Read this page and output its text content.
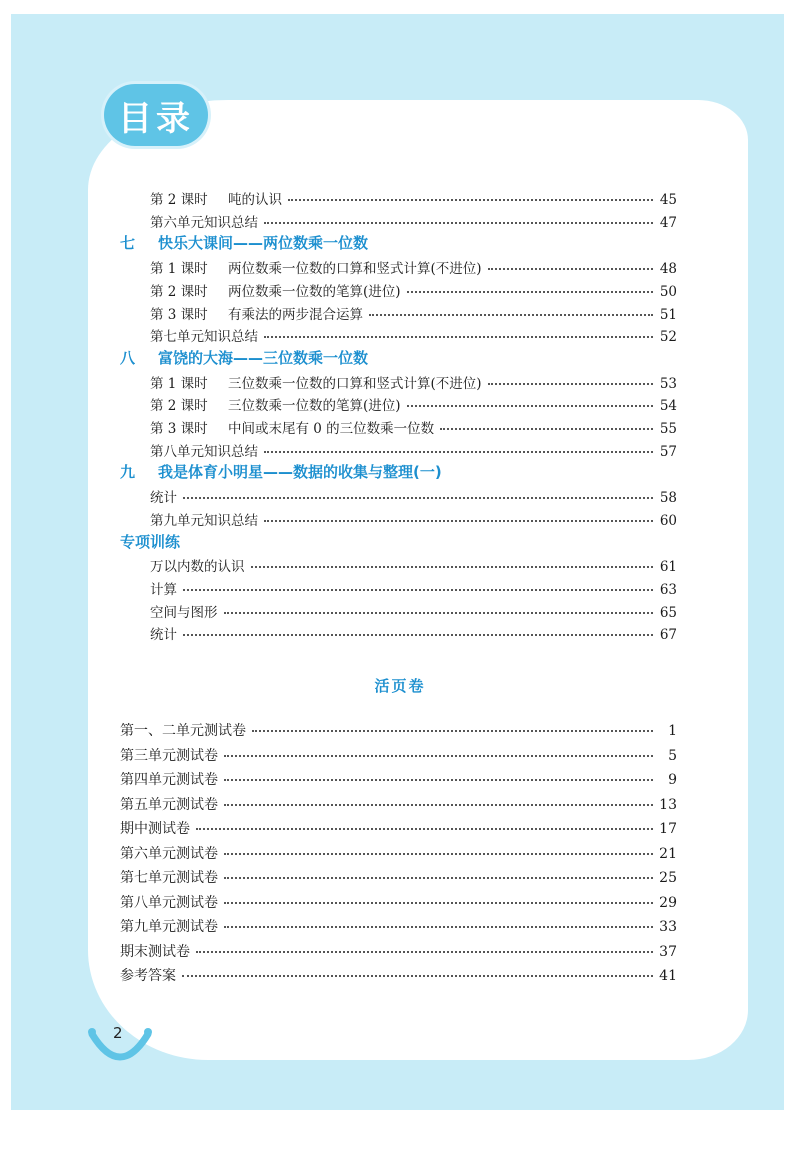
目录
第 2 课时	吨的认识	45
第六单元知识总结	47
七 快乐大课间——两位数乘一位数
第 1 课时	两位数乘一位数的口算和竖式计算(不进位)	48
第 2 课时	两位数乘一位数的笔算(进位)	50
第 3 课时	有乘法的两步混合运算	51
第七单元知识总结	52
八 富饶的大海——三位数乘一位数
第 1 课时	三位数乘一位数的口算和竖式计算(不进位)	53
第 2 课时	三位数乘一位数的笔算(进位)	54
第 3 课时	中间或末尾有 0 的三位数乘一位数	55
第八单元知识总结	57
九 我是体育小明星——数据的收集与整理(一)
统计	58
第九单元知识总结	60
专项训练
万以内数的认识	61
计算	63
空间与图形	65
统计	67
活页卷
第一、二单元测试卷	1
第三单元测试卷	5
第四单元测试卷	9
第五单元测试卷	13
期中测试卷	17
第六单元测试卷	21
第七单元测试卷	25
第八单元测试卷	29
第九单元测试卷	33
期末测试卷	37
参考答案	41
2
